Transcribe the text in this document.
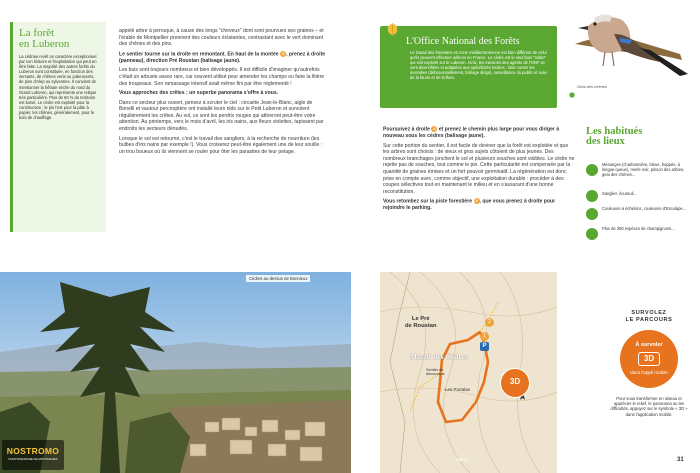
La forêt
en Luberon

La cédraie revêt un caractère exceptionnel par son histoire et l'exploitation qui peut en être faite. La majorité des autres forêts du Luberon sont constituée, en fonction des versants, de chênes verts ou pubescents, de pins d'Alep ou sylvestres. Il convient de mentionner la hêtraie sèche du nord du Grand Luberon, qui représente une relique très particulière. Plus de 60 % du territoire est boisé. Le cèdre est exploité pour la construction ; le pin l'est pour la pâte à papier, les chênes, généralement, pour le bois de chauffage.

appelé arbre à perruque, à cause des longs "cheveux" dont sont pourvues ses graines – et l'érable de Montpellier prennent des couleurs éclatantes, contrastant avec le vert dominant des chênes et des pins.

Le sentier tourne sur la droite en remontant. En haut de la montée 3 , prenez à droite (panneau), direction Pré Roustan (balisage jaune).

Les buis sont toujours nombreux et bien développés. Il est difficile d'imaginer qu'autrefois c'était un arbuste assez rare, car souvent utilisé pour amender les champs ou faire la litière des troupeaux. Son ramassage intensif avait même fini par être réglementé !

Vous approchez des crêtes ; un superbe panorama s'offre à vous.

Dans ce secteur plus ouvert, pensez à scruter le ciel : circaète Jean-le-Blanc, aigle de Bonelli et vautour percnoptère ont installé leurs nids sur le Petit Luberon et survolent régulièrement les crêtes. Au sol, ce sont les perdrix rouges qui attireront peut-être votre attention. Au printemps, vers le mois d'avril, les iris nains, aux fleurs violettes, tapissent par endroits les secteurs dénudés.

Lorsque le sol est retourné, c'est le travail des sangliers, à la recherche de nourriture (les bulbes d'iris nains par exemple !). Vous croiserez peut-être également une de leur souille : un trou boueux où ils viennent se rouler pour ôter les parasites de leur pelage.

Cèdres au-dessus de Bonnieux
NOSTROMO
PHOTOGRAPHIE DE MONTAGNES
L'Office National des Forêts

Le travail des forestiers en zone méditerranéenne est bien différent de celui qu'ils peuvent effectuer ailleurs en France. Le cèdre est le seul bois "noble" qui soit exploité sur le Luberon. Ainsi, les missions des agents de l'ONF se sont diversifiées et adaptées aux spécificités locales : lutte contre les incendies (débroussaillement, brûlage dirigé), surveillance du public et suivi de la faune et de la flore.

Geai des chênes

Poursuivez à droite 4 et prenez le chemin plus large pour vous diriger à nouveau sous les cèdres (balisage jaune).

Sur cette portion du sentier, il est facile de deviner que la forêt est exploitée et que les arbres sont choisis : de vieux et gros sujets côtoient de plus jeunes. Des nombreux branchages jonchent le sol et plusieurs souches sont visibles. Le cèdre ne rejette pas de souches, tout comme le pin. Cette particularité est compensée par la quantité de graines émises et un fort pouvoir germinatif. La régénération est donc prise en compte avec, comme objectif, une exploitation durable : procéder à des coupes sélectives tout en maintenant le milieu et en s'assurant d'une bonne reconstitution.

Vous retombez sur la piste forestière 5 , que vous prenez à droite pour rejoindre le parking.

Les habitués
des lieux
Mésanges (charbonnière, bleue, huppée, à longue queue), merle noir, pinson des arbres, geai des chênes...
Sanglier, écureuil...
Couleuvre à échelons, couleuvre d'Esculape...
Plus de 350 espèces de champignons...
Le Pré
de Roustan
Massif des Cèdres
Sentier de découverte
Les Portalas
Vallon
1
2
P
3D
SURVOLEZ
LE PARCOURS
À survoler
3D
dans l'appli mobile
Pour vous transformer en oiseau et apprécier le relief, le panorama ou les difficultés, appuyez sur le symbole « 3D » dans l'application mobile.
31
